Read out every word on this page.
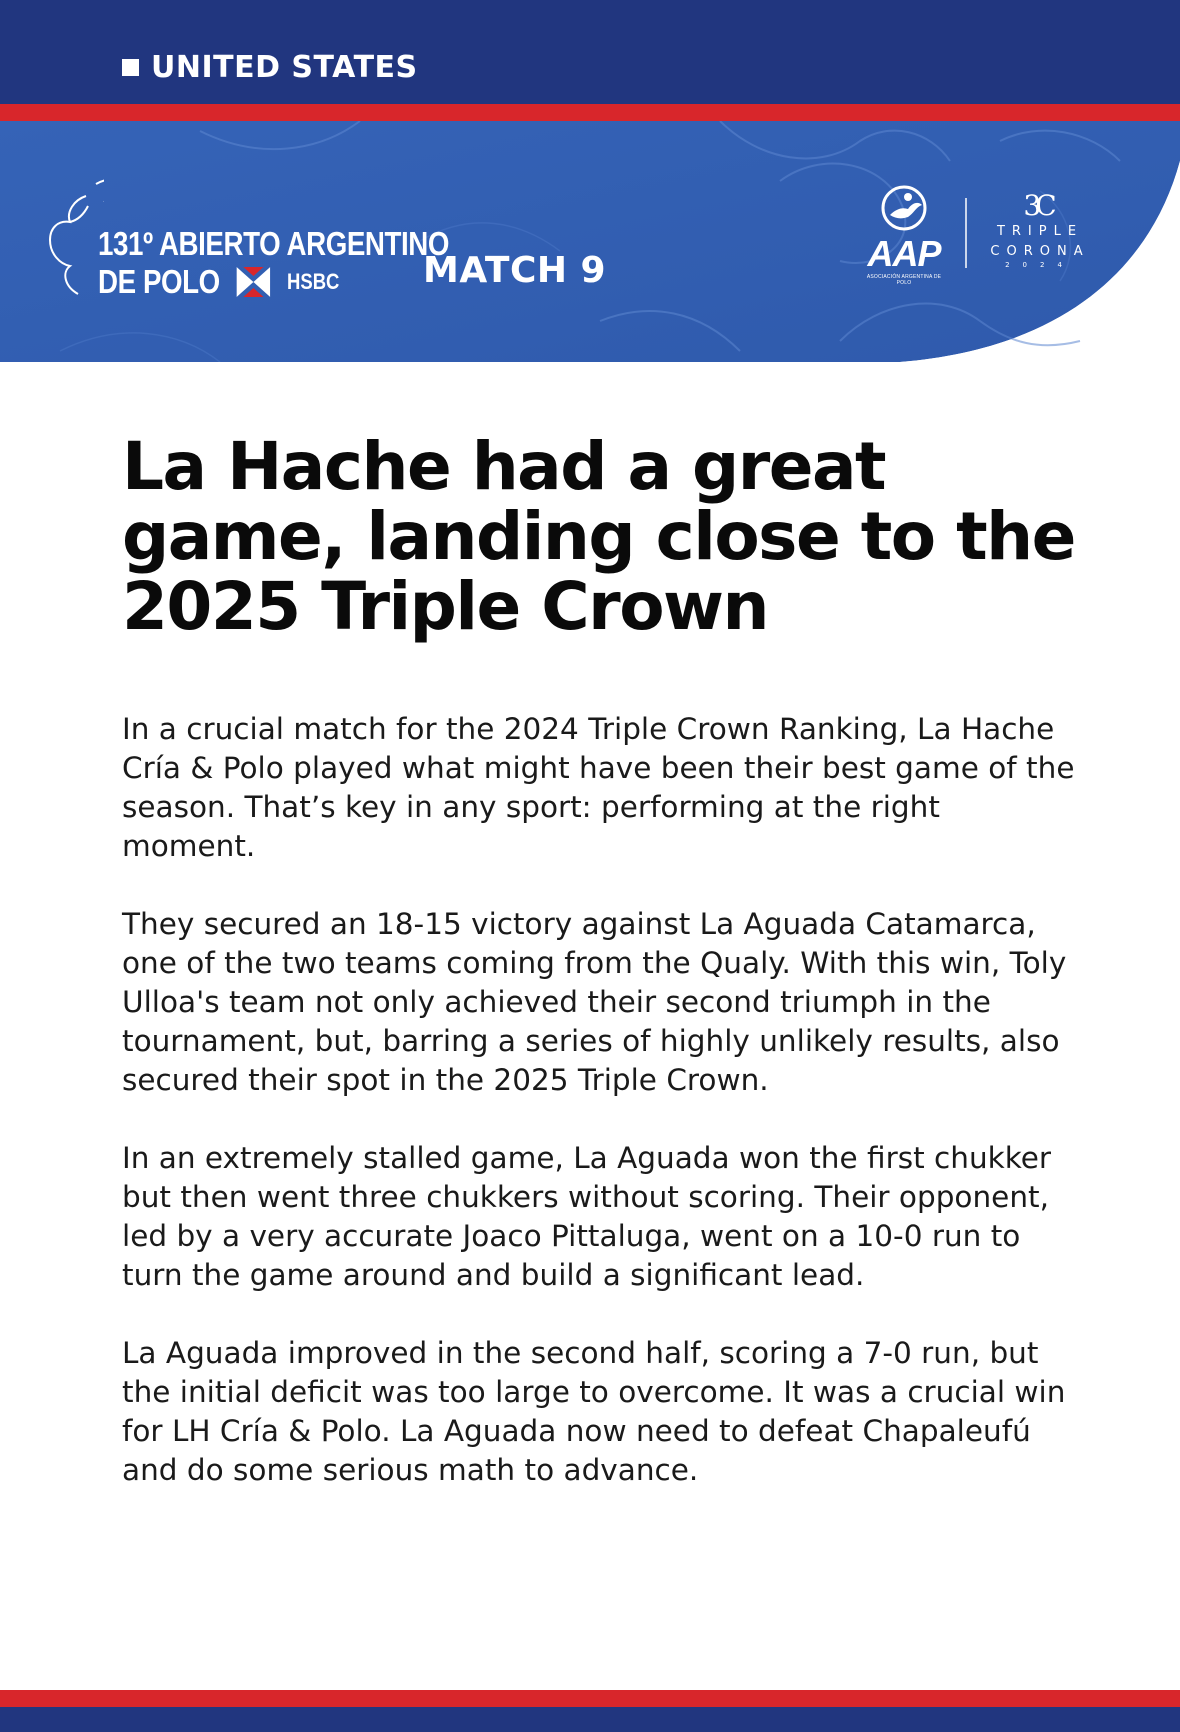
UNITED STATES
131º ABIERTO ARGENTINO
DE POLO	HSBC MATCH 9	AAP
ASOCIACIÓN ARGENTINA DE POLO
3C
TRIPLE
CORONA
2024
La Hache had a great game, landing close to the 2025 Triple Crown

In a crucial match for the 2024 Triple Crown Ranking, La Hache Cría & Polo played what might have been their best game of the season. That’s key in any sport: performing at the right moment.

They secured an 18-15 victory against La Aguada Catamarca, one of the two teams coming from the Qualy. With this win, Toly Ulloa's team not only achieved their second triumph in the tournament, but, barring a series of highly unlikely results, also secured their spot in the 2025 Triple Crown.

In an extremely stalled game, La Aguada won the first chukker but then went three chukkers without scoring. Their opponent, led by a very accurate Joaco Pittaluga, went on a 10-0 run to turn the game around and build a significant lead.

La Aguada improved in the second half, scoring a 7-0 run, but the initial deficit was too large to overcome. It was a crucial win for LH Cría & Polo. La Aguada now need to defeat Chapaleufú and do some serious math to advance.
